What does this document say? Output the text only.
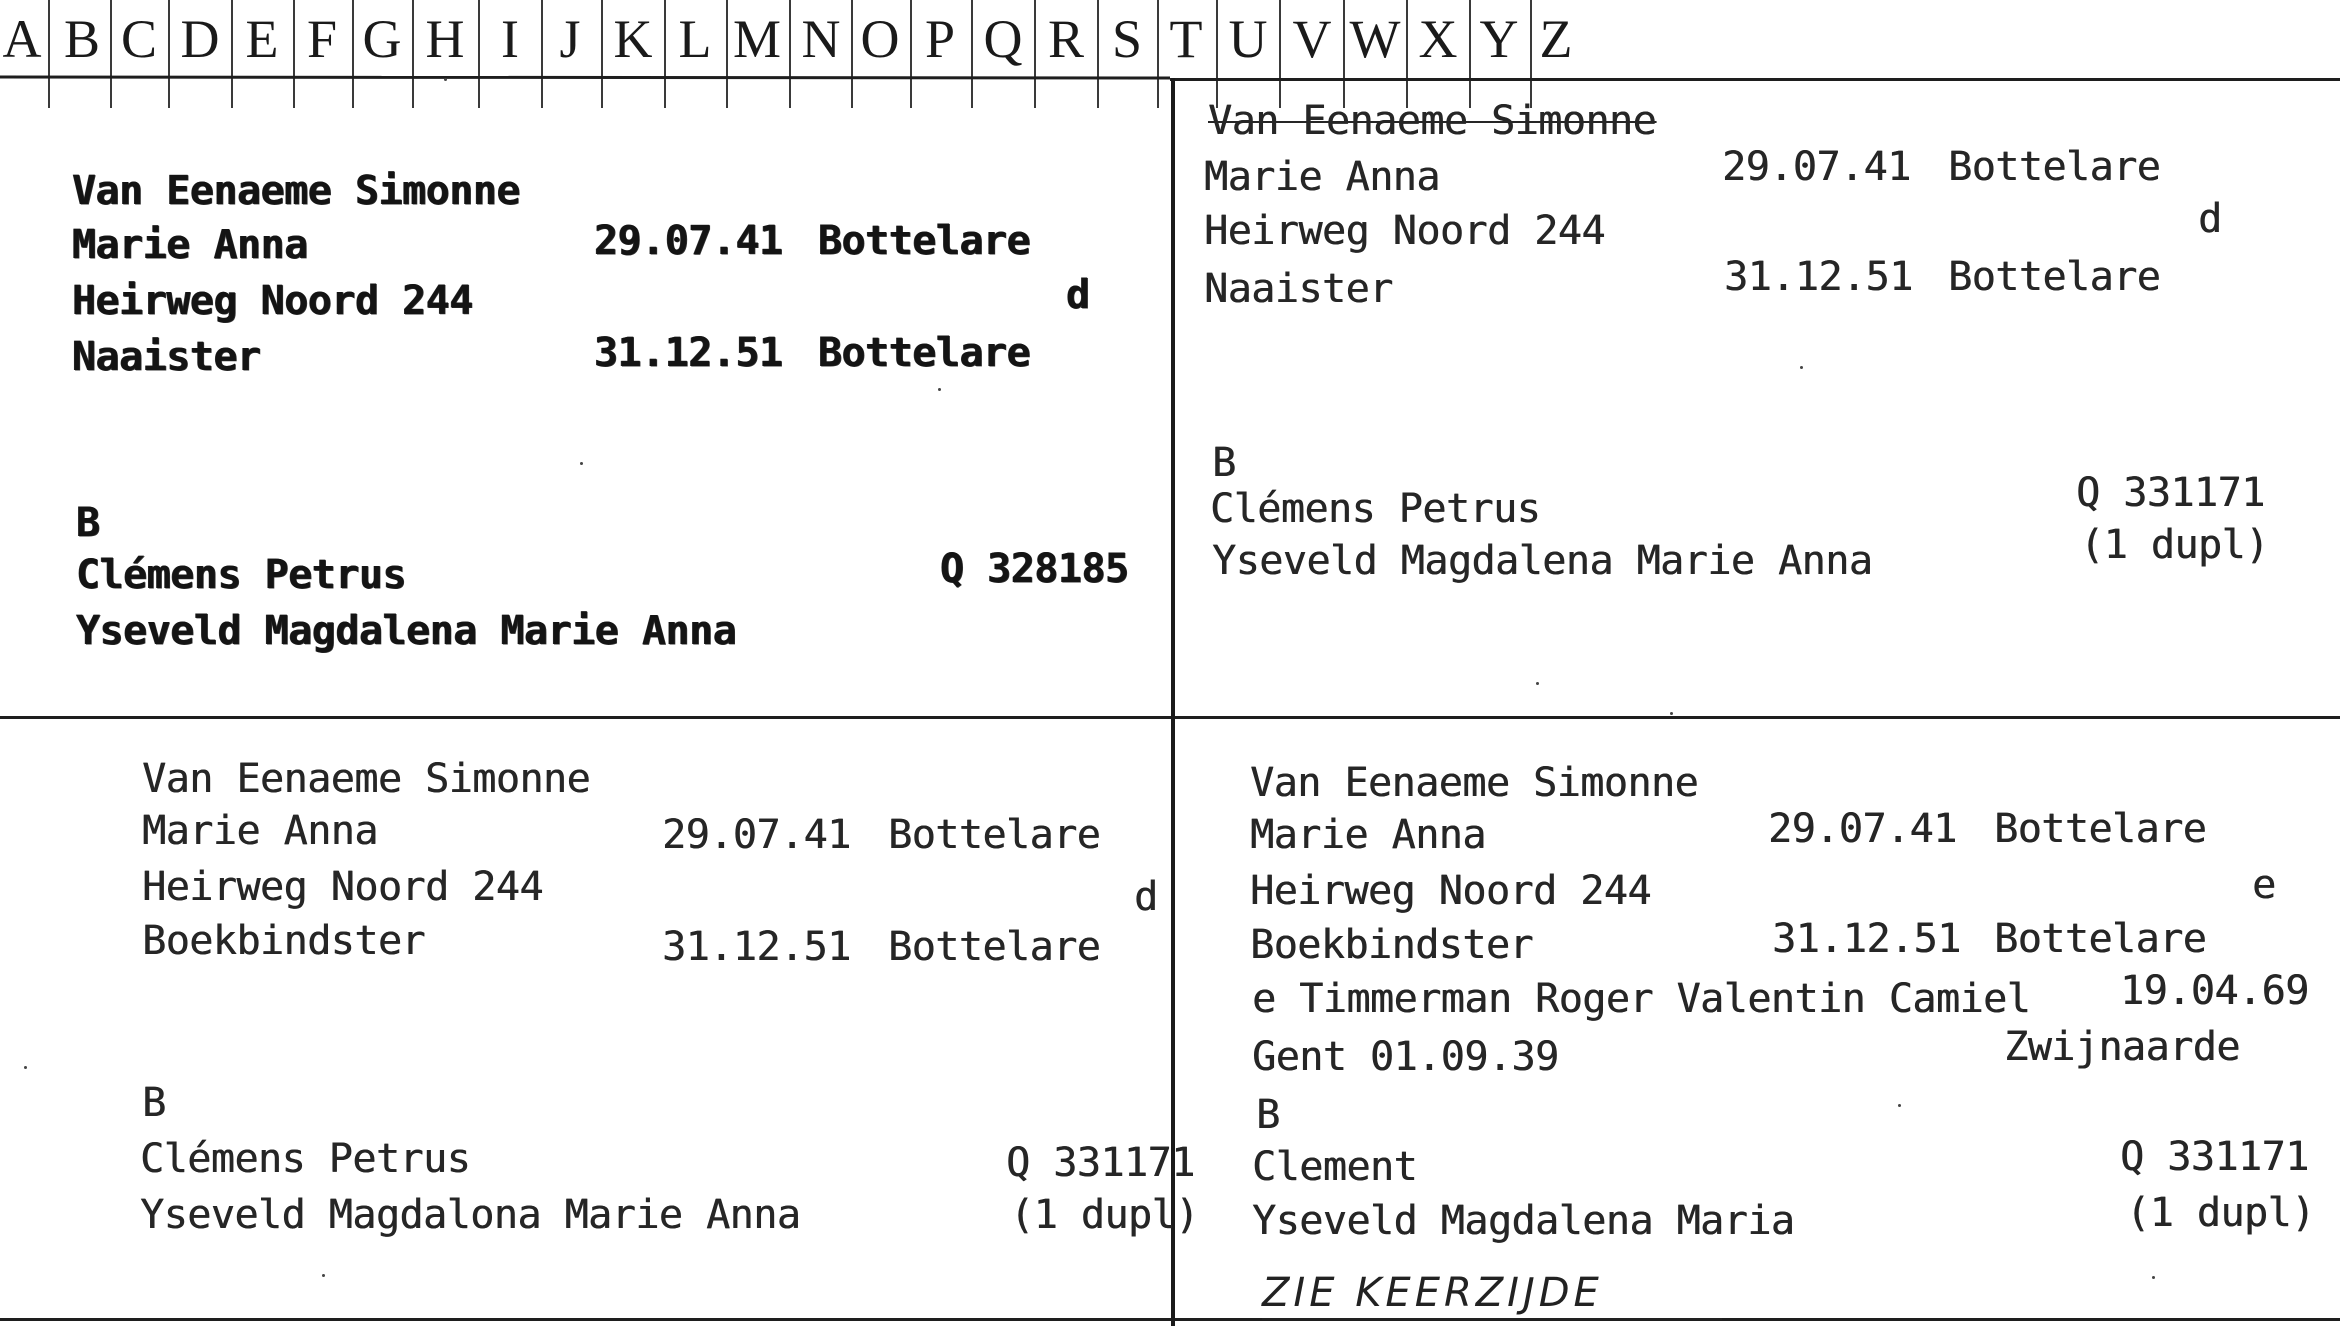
A B C D E F G H I J K L M N O P Q R S T U V W X Y Z
Van Eenaeme Simonne
Marie Anna	29.07.41 Bottelare
Heirweg Noord 244	d
Naaister	31.12.51 Bottelare
B
Clémens Petrus
Yseveld Magdalena Marie Anna
Q 328185
Van Eenaeme Simonne
Marie Anna	29.07.41 Bottelare
Heirweg Noord 244	d
Naaister	31.12.51 Bottelare
B
Clémens Petrus
Yseveld Magdalena Marie Anna
Q 331171
(1 dupl)
Van Eenaeme Simonne
Marie Anna	29.07.41 Bottelare
Heirweg Noord 244	d
Boekbindster	31.12.51 Bottelare
B
Clémens Petrus
Yseveld Magdalona Marie Anna
Q 331171
(1 dupl)
Van Eenaeme Simonne
Marie Anna	29.07.41 Bottelare
Heirweg Noord 244	e
Boekbindster	31.12.51 Bottelare
e Timmerman Roger Valentin Camiel 19.04.69
Gent 01.09.39	Zwijnaarde
B
Clement
Yseveld Magdalena Maria
Q 331171
(1 dupl)
ZIE KEERZIJDE
